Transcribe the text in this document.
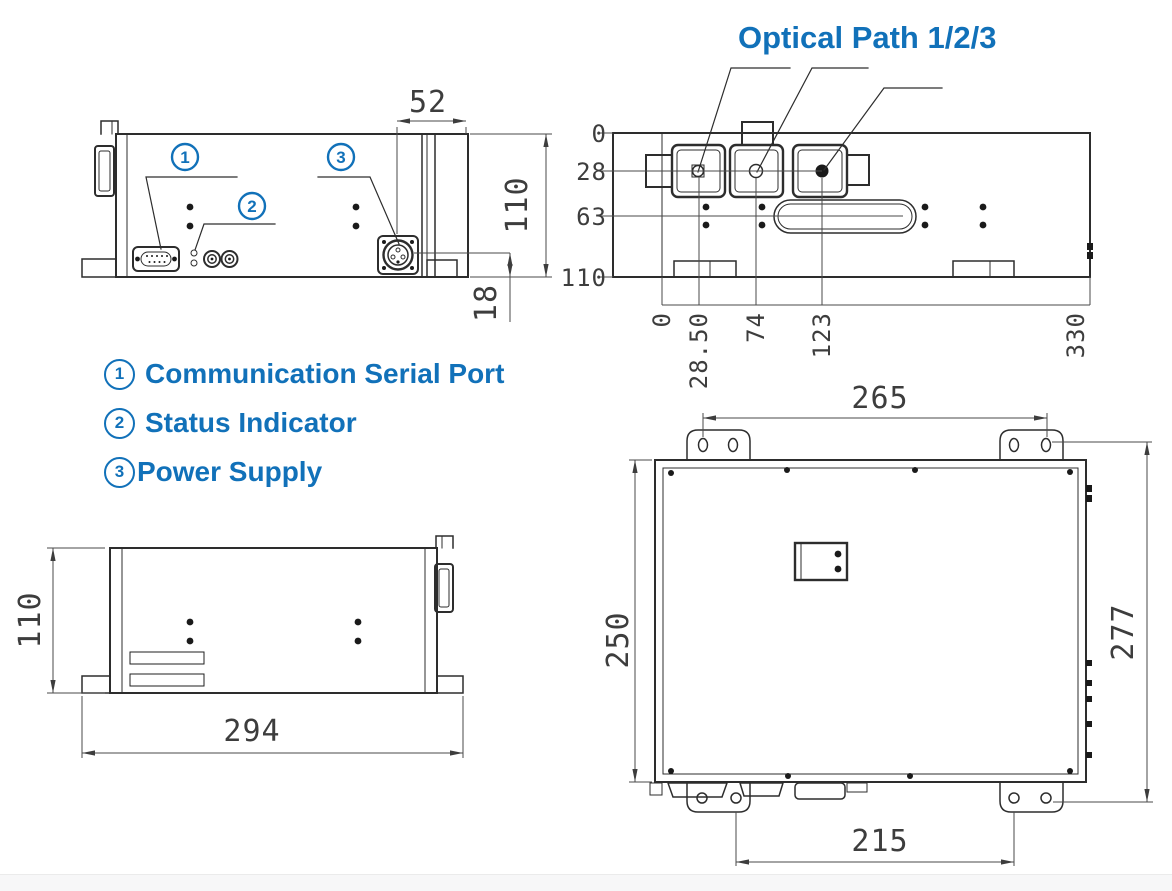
1
2
3
52
110
18
0
28
63
110
0 28.50 74 123	330
110
294
265
250	277
215
Optical Path 1/2/3
1 Communication Serial Port
2 Status Indicator
3 Power Supply
